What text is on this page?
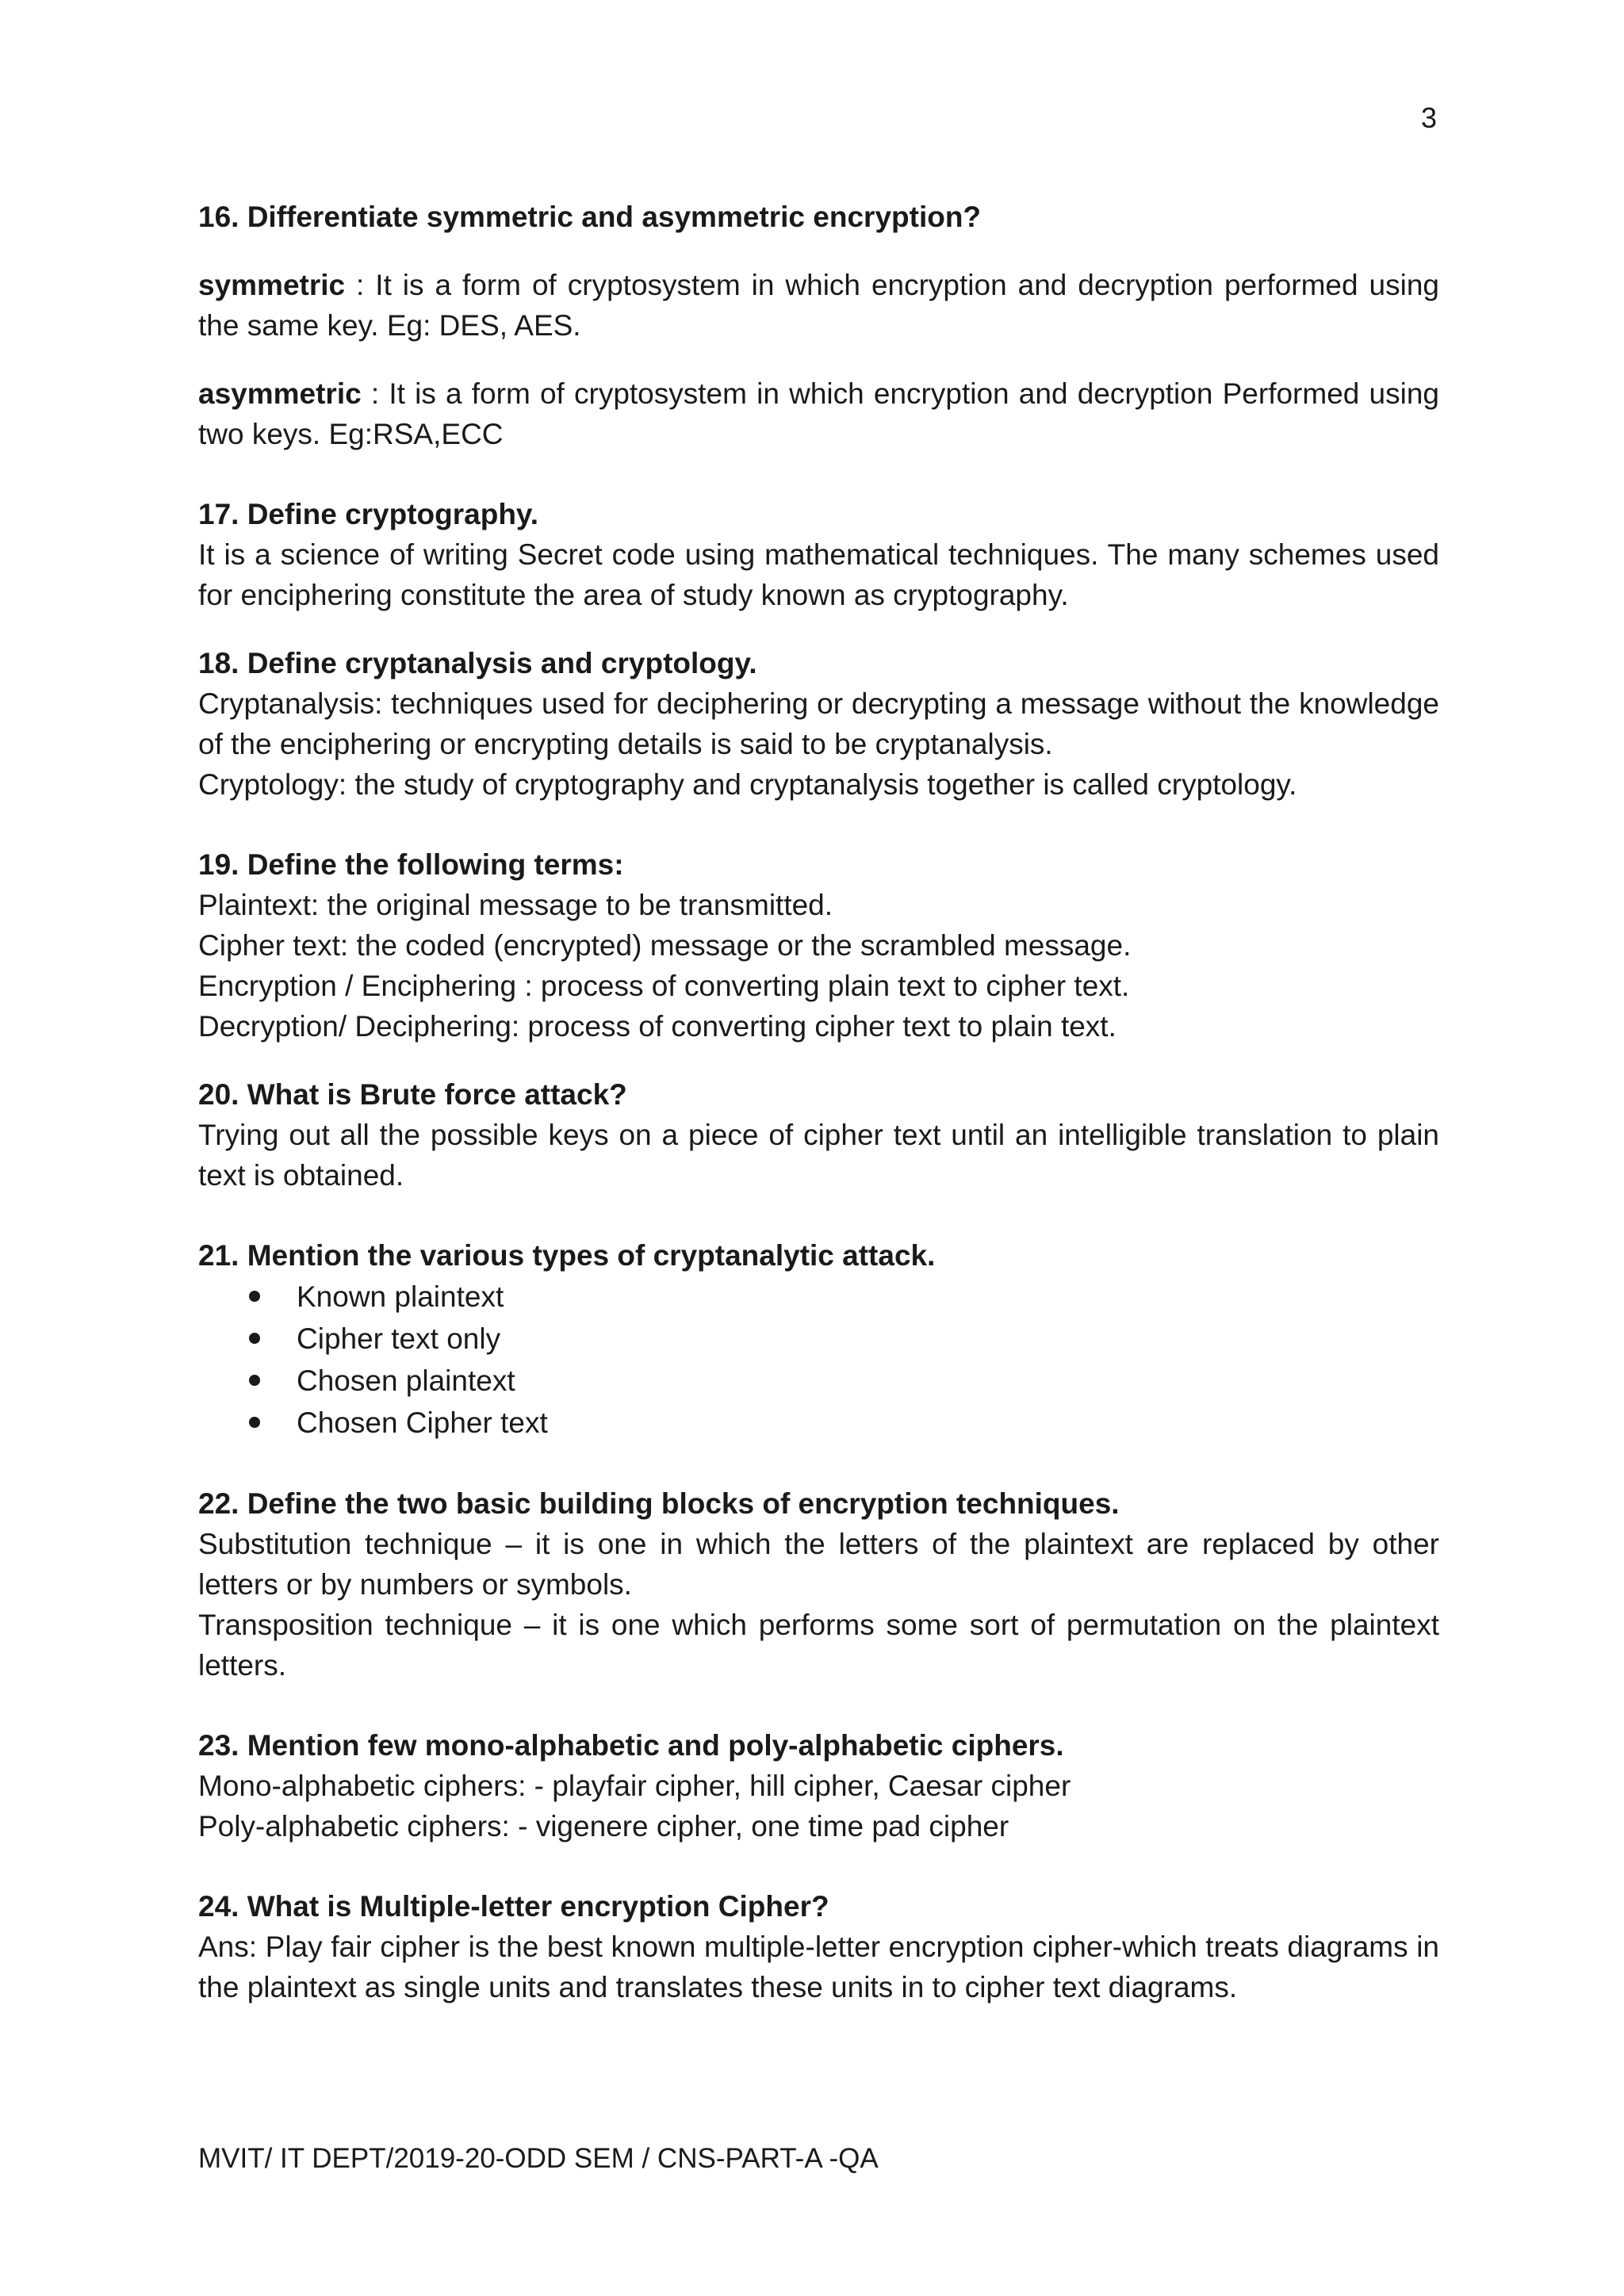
3

16. Differentiate symmetric and asymmetric encryption?

symmetric : It is a form of cryptosystem in which encryption and decryption performed using the same key. Eg: DES, AES.

asymmetric : It is a form of cryptosystem in which encryption and decryption Performed using two keys. Eg:RSA,ECC

17. Define cryptography.

It is a science of writing Secret code using mathematical techniques. The many schemes used for enciphering constitute the area of study known as cryptography.

18. Define cryptanalysis and cryptology.

Cryptanalysis: techniques used for deciphering or decrypting a message without the knowledge of the enciphering or encrypting details is said to be cryptanalysis.

Cryptology: the study of cryptography and cryptanalysis together is called cryptology.

19. Define the following terms:

Plaintext: the original message to be transmitted.

Cipher text: the coded (encrypted) message or the scrambled message.

Encryption / Enciphering : process of converting plain text to cipher text.

Decryption/ Deciphering: process of converting cipher text to plain text.

20. What is Brute force attack?

Trying out all the possible keys on a piece of cipher text until an intelligible translation to plain text is obtained.

21. Mention the various types of cryptanalytic attack.

Known plaintext
Cipher text only
Chosen plaintext
Chosen Cipher text

22. Define the two basic building blocks of encryption techniques.

Substitution technique – it is one in which the letters of the plaintext are replaced by other letters or by numbers or symbols.

Transposition technique – it is one which performs some sort of permutation on the plaintext letters.

23. Mention few mono-alphabetic and poly-alphabetic ciphers.

Mono-alphabetic ciphers: - playfair cipher, hill cipher, Caesar cipher

Poly-alphabetic ciphers: - vigenere cipher, one time pad cipher

24. What is Multiple-letter encryption Cipher?

Ans: Play fair cipher is the best known multiple-letter encryption cipher-which treats diagrams in the plaintext as single units and translates these units in to cipher text diagrams.

MVIT/ IT DEPT/2019-20-ODD SEM / CNS-PART-A -QA
